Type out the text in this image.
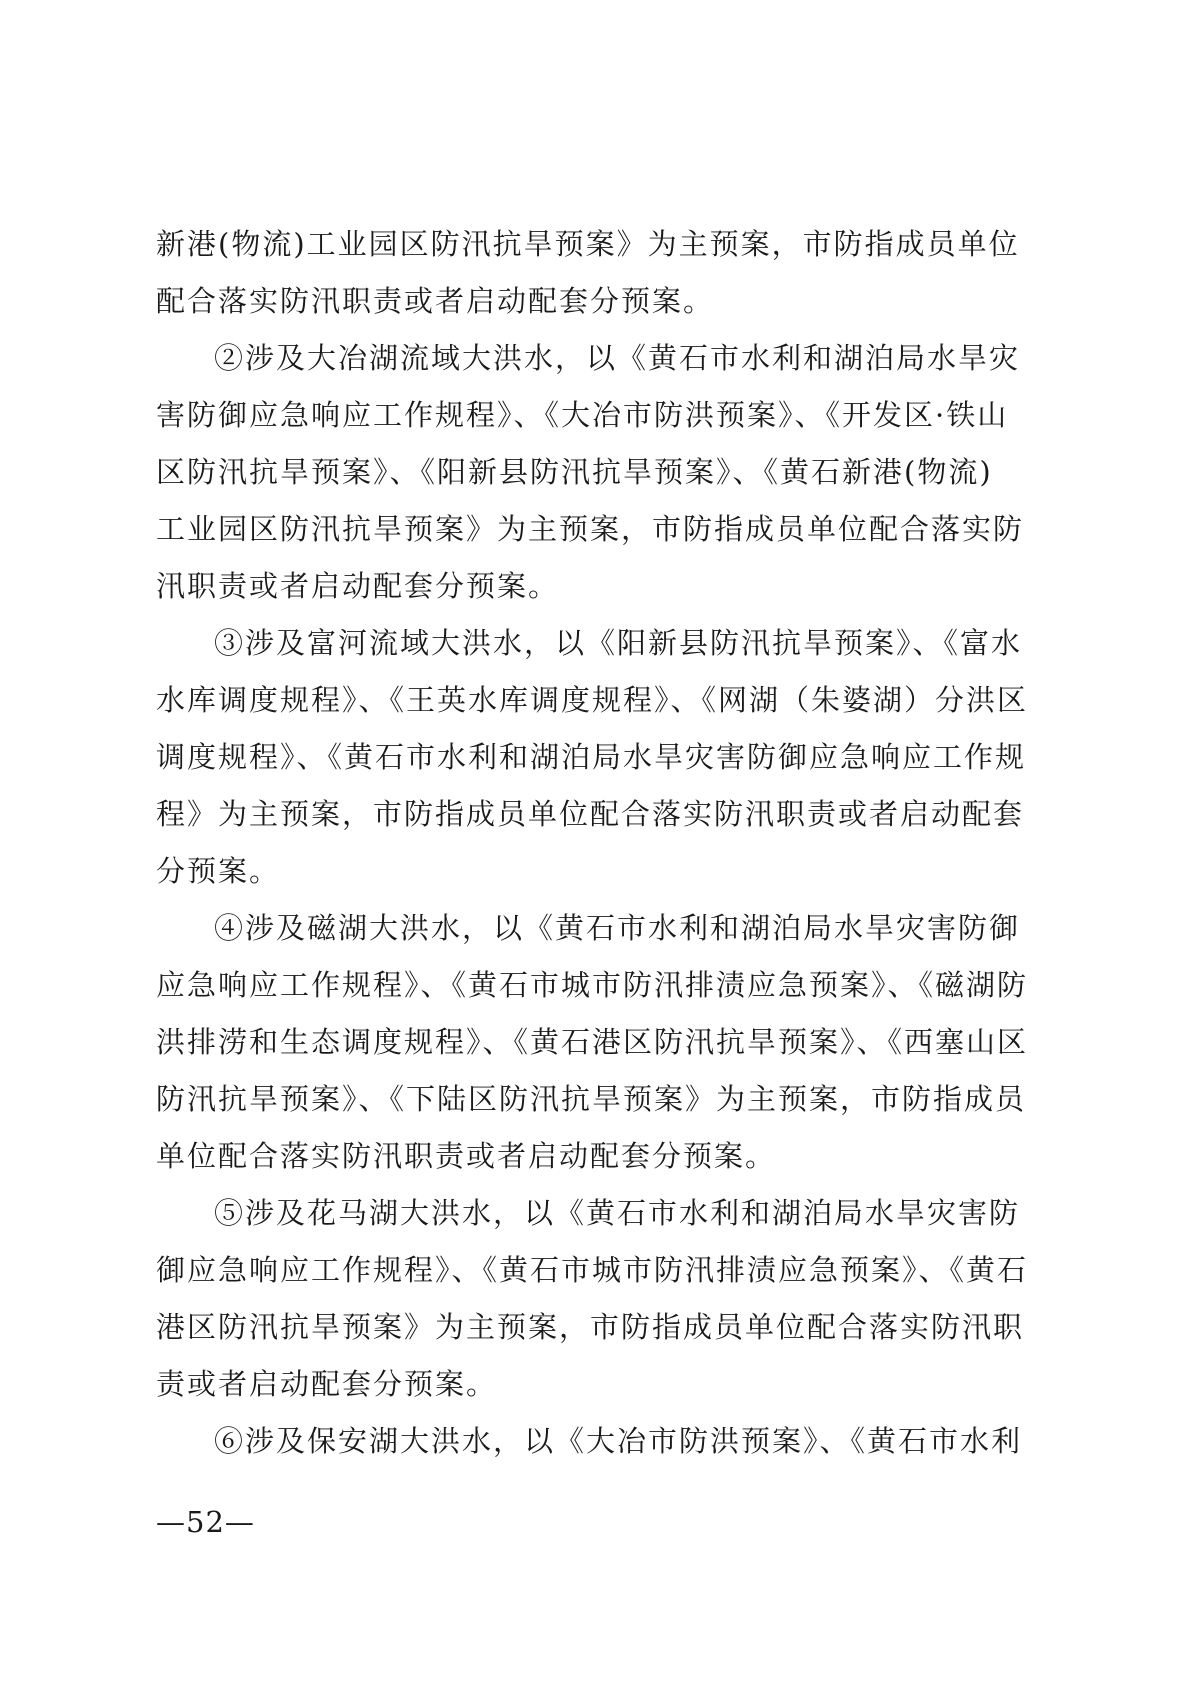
新港(物流)工业园区防汛抗旱预案》为主预案，市防指成员单位
配合落实防汛职责或者启动配套分预案。

②涉及大冶湖流域大洪水，以《黄石市水利和湖泊局水旱灾
害防御应急响应工作规程》、《大冶市防洪预案》、《开发区·铁山
区防汛抗旱预案》、《阳新县防汛抗旱预案》、《黄石新港(物流)
工业园区防汛抗旱预案》为主预案，市防指成员单位配合落实防
汛职责或者启动配套分预案。

③涉及富河流域大洪水，以《阳新县防汛抗旱预案》、《富水
水库调度规程》、《王英水库调度规程》、《网湖（朱婆湖）分洪区
调度规程》、《黄石市水利和湖泊局水旱灾害防御应急响应工作规
程》为主预案，市防指成员单位配合落实防汛职责或者启动配套
分预案。

④涉及磁湖大洪水，以《黄石市水利和湖泊局水旱灾害防御
应急响应工作规程》、《黄石市城市防汛排渍应急预案》、《磁湖防
洪排涝和生态调度规程》、《黄石港区防汛抗旱预案》、《西塞山区
防汛抗旱预案》、《下陆区防汛抗旱预案》为主预案，市防指成员
单位配合落实防汛职责或者启动配套分预案。

⑤涉及花马湖大洪水，以《黄石市水利和湖泊局水旱灾害防
御应急响应工作规程》、《黄石市城市防汛排渍应急预案》、《黄石
港区防汛抗旱预案》为主预案，市防指成员单位配合落实防汛职
责或者启动配套分预案。

⑥涉及保安湖大洪水，以《大冶市防洪预案》、《黄石市水利

—52—
